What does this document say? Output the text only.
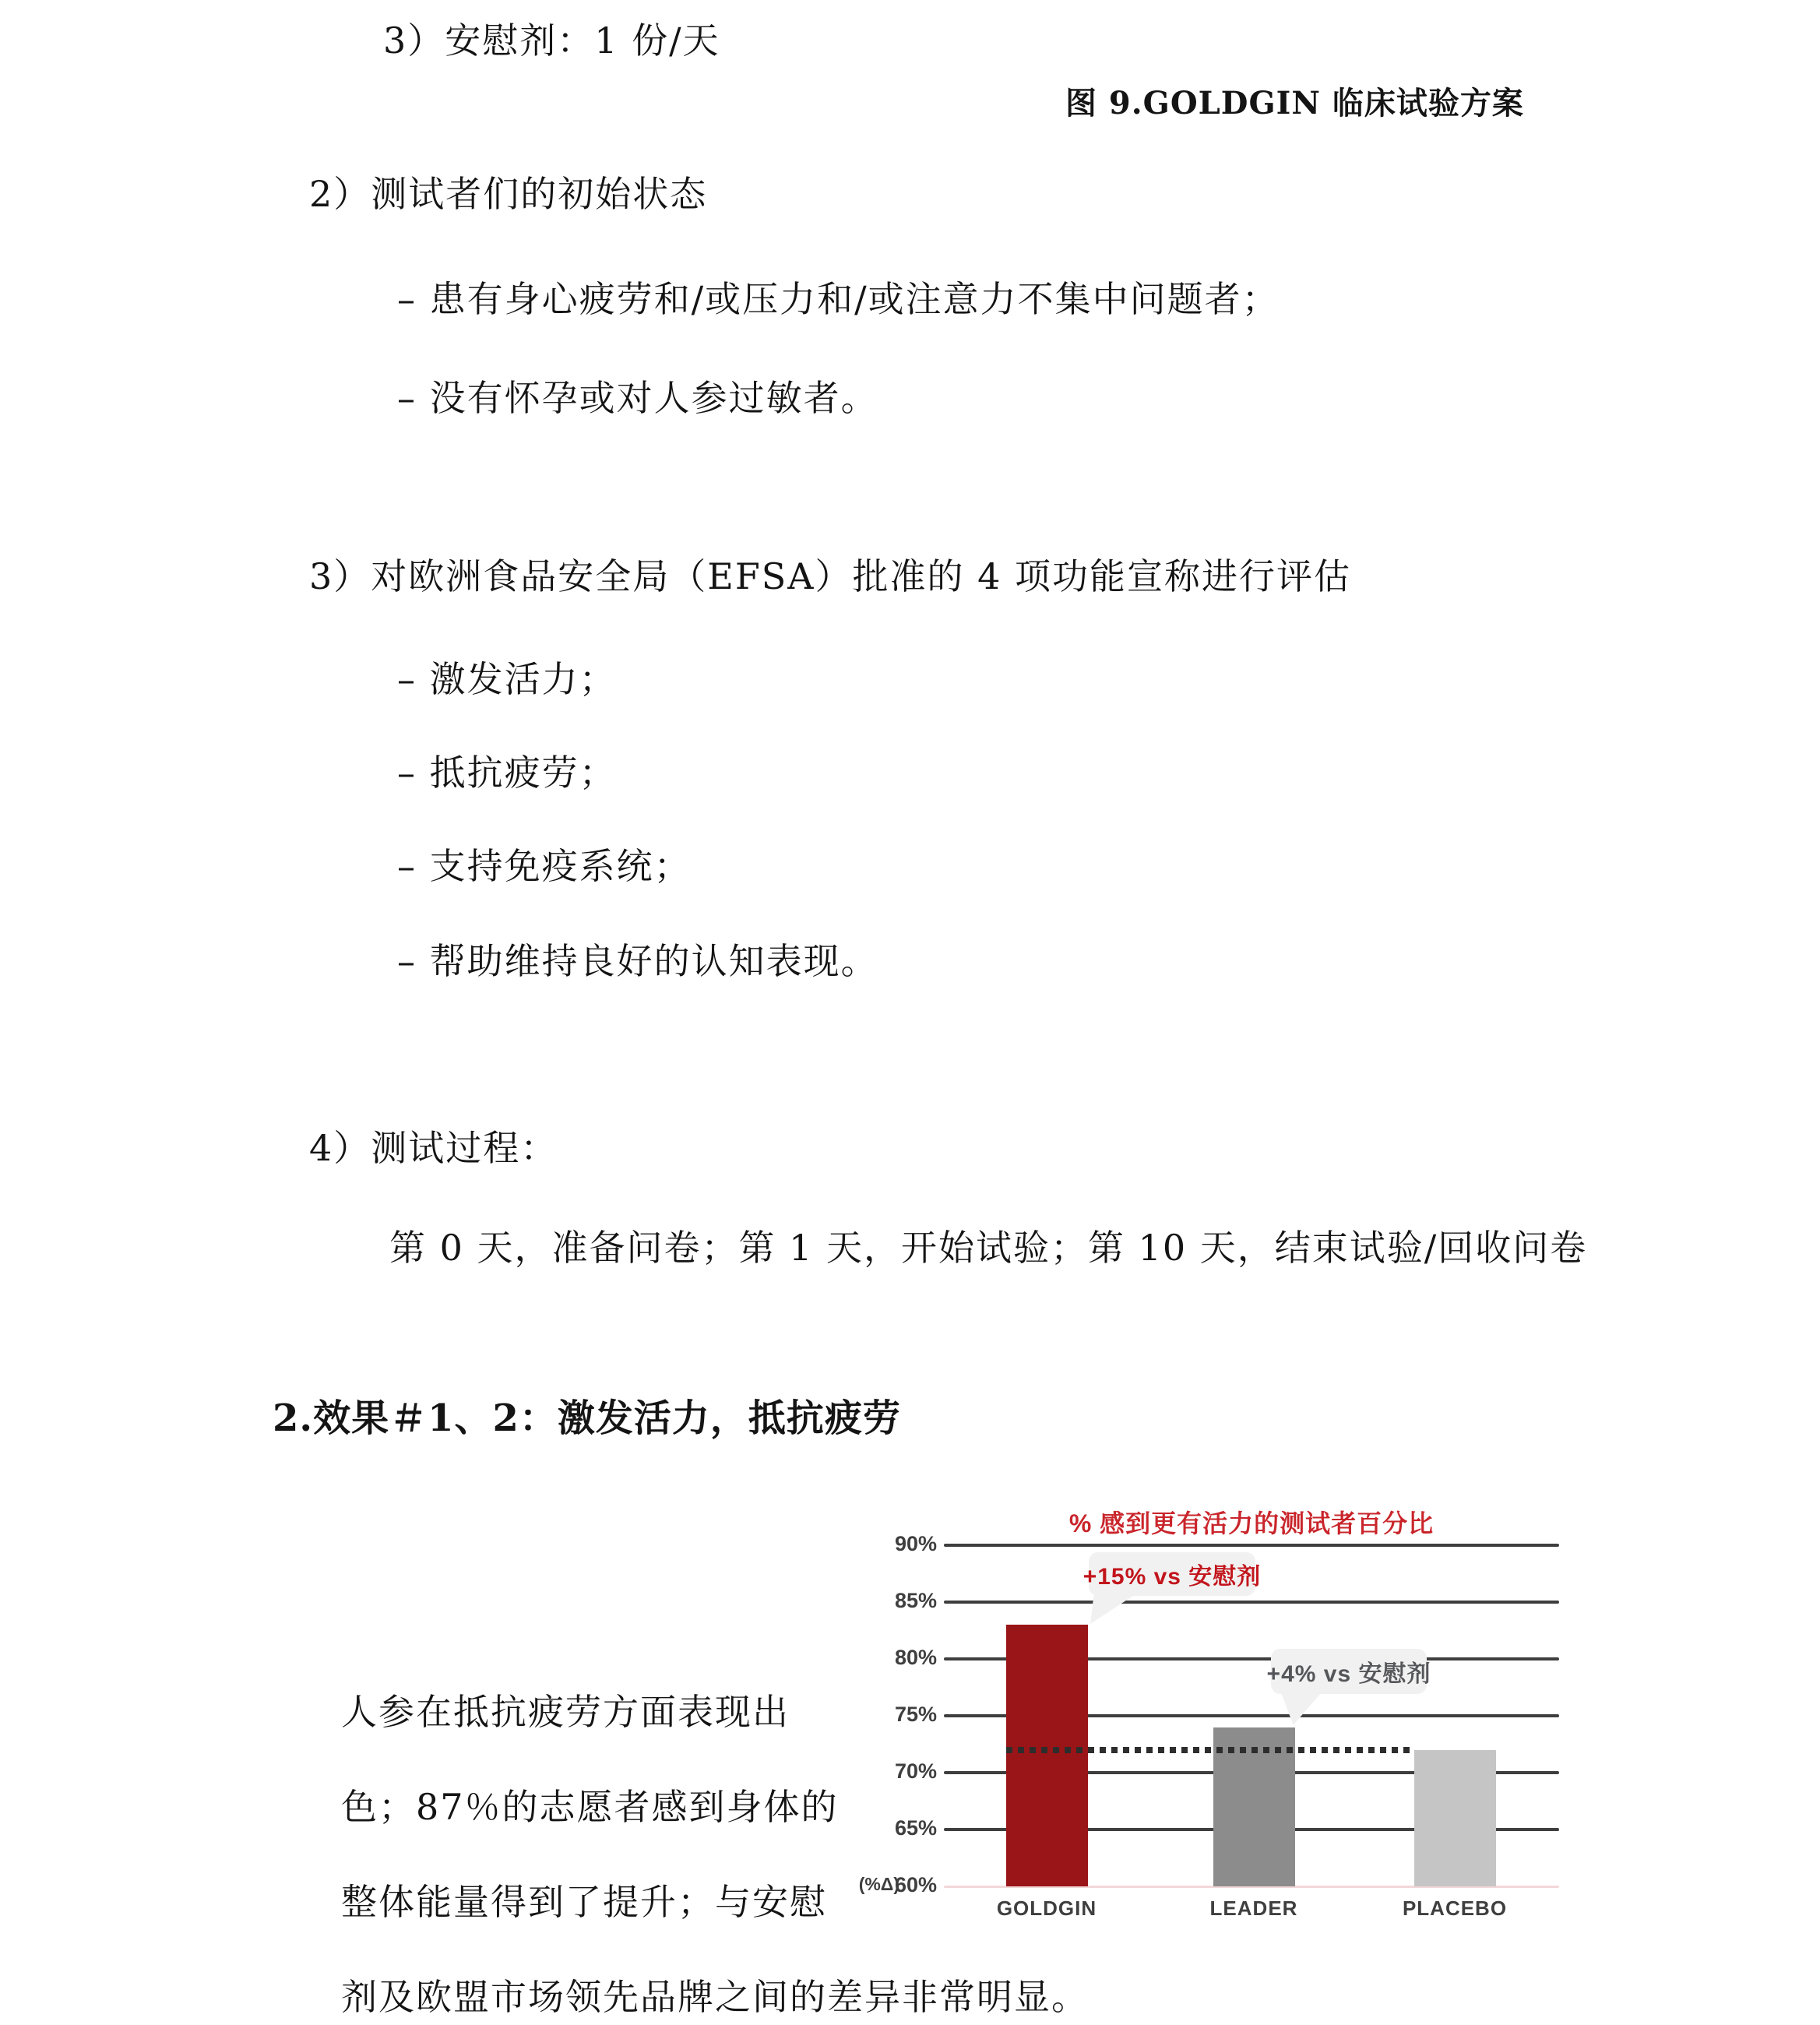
3）安慰剂：1 份/天
图 9.GOLDGIN 临床试验方案
2）测试者们的初始状态
– 患有身心疲劳和/或压力和/或注意力不集中问题者；
– 没有怀孕或对人参过敏者。
3）对欧洲食品安全局（EFSA）批准的 4 项功能宣称进行评估
– 激发活力；
– 抵抗疲劳；
– 支持免疫系统；
– 帮助维持良好的认知表现。
4）测试过程：
第 0 天，准备问卷；第 1 天，开始试验；第 10 天，结束试验/回收问卷
2.效果＃1、2：激发活力，抵抗疲劳
人参在抵抗疲劳方面表现出
色；87％的志愿者感到身体的
整体能量得到了提升；与安慰
剂及欧盟市场领先品牌之间的差异非常明显。
% 感到更有活力的测试者百分比
(%Δ)
+15% vs 安慰剂
+4% vs 安慰剂
90%
85%
80%
75%
70%
65%
60%
GOLDGIN	LEADER	PLACEBO
